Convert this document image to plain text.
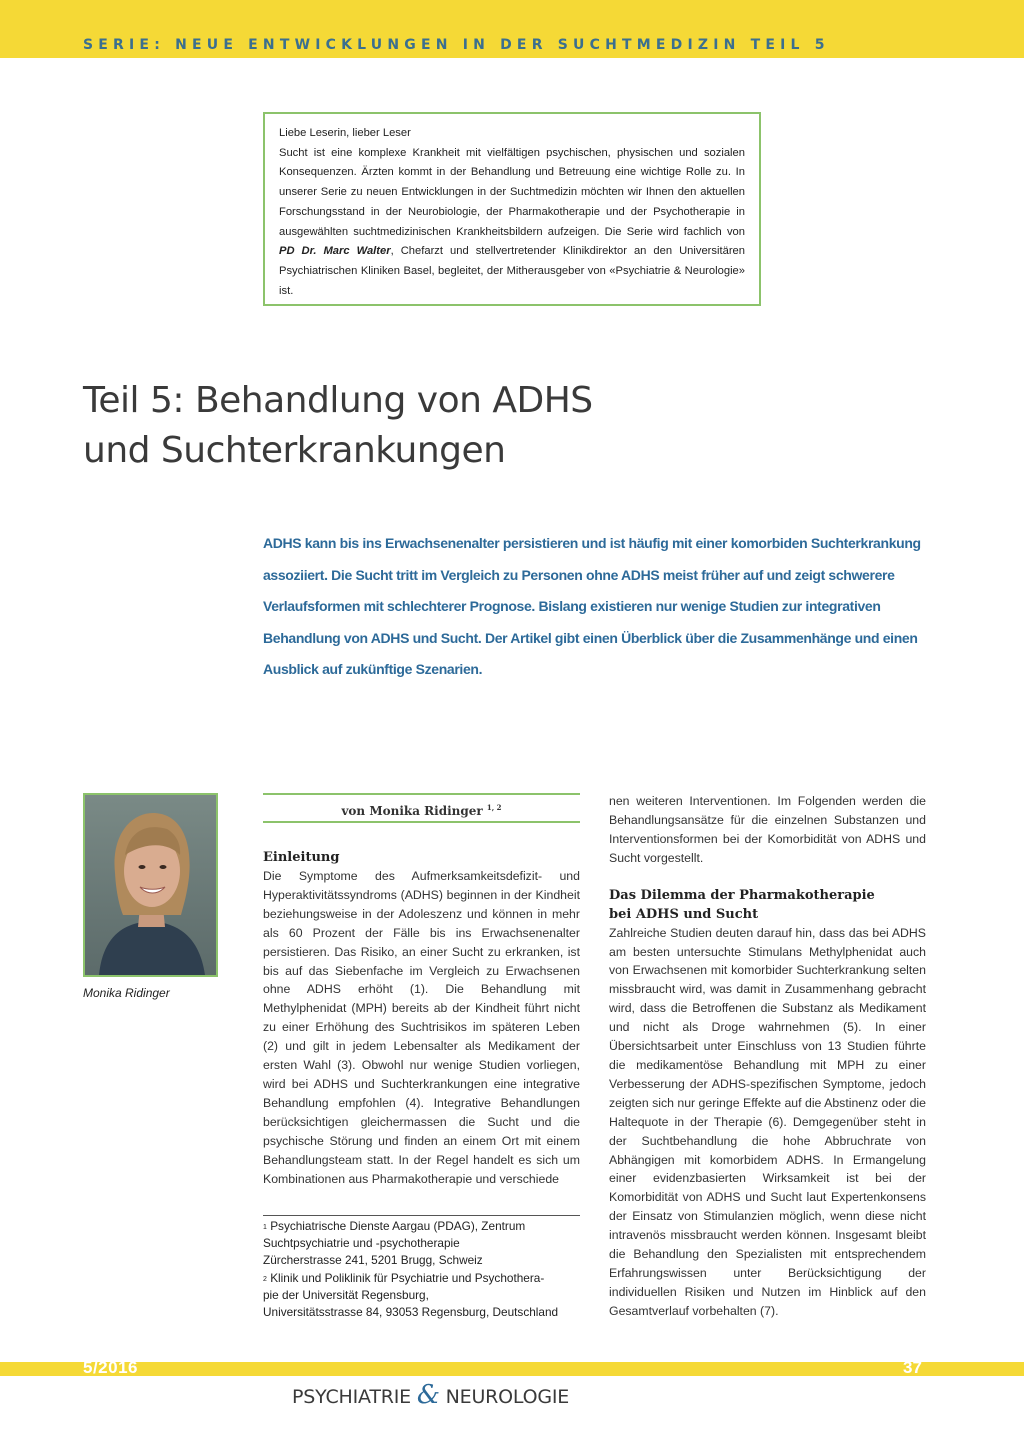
SERIE: NEUE ENTWICKLUNGEN IN DER SUCHTMEDIZIN TEIL 5

Liebe Leserin, lieber Leser

Sucht ist eine komplexe Krankheit mit vielfältigen psychischen, physischen und sozialen Konsequenzen. Ärzten kommt in der Behandlung und Betreuung eine wichtige Rolle zu. In unserer Serie zu neuen Entwicklungen in der Suchtmedizin möchten wir Ihnen den aktuellen Forschungsstand in der Neurobiologie, der Pharmakotherapie und der Psychotherapie in ausgewählten suchtmedizinischen Krankheitsbildern aufzeigen. Die Serie wird fachlich von PD Dr. Marc Walter, Chefarzt und stellvertretender Klinikdirektor an den Universitären Psychiatrischen Kliniken Basel, begleitet, der Mitherausgeber von «Psychiatrie & Neurologie» ist.

Teil 5: Behandlung von ADHS
und Suchterkrankungen

ADHS kann bis ins Erwachsenenalter persistieren und ist häufig mit einer komorbiden Suchterkrankung assoziiert. Die Sucht tritt im Vergleich zu Personen ohne ADHS meist früher auf und zeigt schwerere Verlaufsformen mit schlechterer Prognose. Bislang existieren nur wenige Studien zur integrativen Behandlung von ADHS und Sucht. Der Artikel gibt einen Überblick über die Zusammenhänge und einen Ausblick auf zukünftige Szenarien.

Monika Ridinger

von Monika Ridinger $^{1, 2}$
Einleitung

Die Symptome des Aufmerksamkeitsdefizit- und Hyperaktivitätssyndroms (ADHS) beginnen in der Kindheit beziehungsweise in der Adoleszenz und können in mehr als 60 Prozent der Fälle bis ins Erwachsenenalter persistieren. Das Risiko, an einer Sucht zu erkranken, ist bis auf das Siebenfache im Vergleich zu Erwachsenen ohne ADHS erhöht (1). Die Behandlung mit Methylphenidat (MPH) bereits ab der Kindheit führt nicht zu einer Erhöhung des Suchtrisikos im späteren Leben (2) und gilt in jedem Lebensalter als Medikament der ersten Wahl (3). Obwohl nur wenige Studien vorliegen, wird bei ADHS und Suchterkrankungen eine integrative Behandlung empfohlen (4). Integrative Behandlungen berücksichtigen gleichermassen die Sucht und die psychische Störung und finden an einem Ort mit einem Behandlungsteam statt. In der Regel handelt es sich um Kombinationen aus Pharmakotherapie und verschiede

$^1$ Psychiatrische Dienste Aargau (PDAG), Zentrum

Suchtpsychiatrie und -psychotherapie

Zürcherstrasse 241, 5201 Brugg, Schweiz

$^2$ Klinik und Poliklinik für Psychiatrie und Psychothera-

pie der Universität Regensburg,

Universitätsstrasse 84, 93053 Regensburg, Deutschland

nen weiteren Interventionen. Im Folgenden werden die Behandlungsansätze für die einzelnen Substanzen und Interventionsformen bei der Komorbidität von ADHS und Sucht vorgestellt.

Das Dilemma der Pharmakotherapie
bei ADHS und Sucht

Zahlreiche Studien deuten darauf hin, dass das bei ADHS am besten untersuchte Stimulans Methylphenidat auch von Erwachsenen mit komorbider Suchterkrankung selten missbraucht wird, was damit in Zusammenhang gebracht wird, dass die Betroffenen die Substanz als Medikament und nicht als Droge wahrnehmen (5). In einer Übersichtsarbeit unter Einschluss von 13 Studien führte die medikamentöse Behandlung mit MPH zu einer Verbesserung der ADHS-spezifischen Symptome, jedoch zeigten sich nur geringe Effekte auf die Abstinenz oder die Haltequote in der Therapie (6). Demgegenüber steht in der Suchtbehandlung die hohe Abbruchrate von Abhängigen mit komorbidem ADHS. In Ermangelung einer evidenzbasierten Wirksamkeit ist bei der Komorbidität von ADHS und Sucht laut Expertenkonsens der Einsatz von Stimulanzien möglich, wenn diese nicht intravenös missbraucht werden können. Insgesamt bleibt die Behandlung den Spezialisten mit entsprechendem Erfahrungswissen unter Berücksichtigung der individuellen Risiken und Nutzen im Hinblick auf den Gesamtverlauf vorbehalten (7).

5/2016	37

PSYCHIATRIE & NEUROLOGIE
